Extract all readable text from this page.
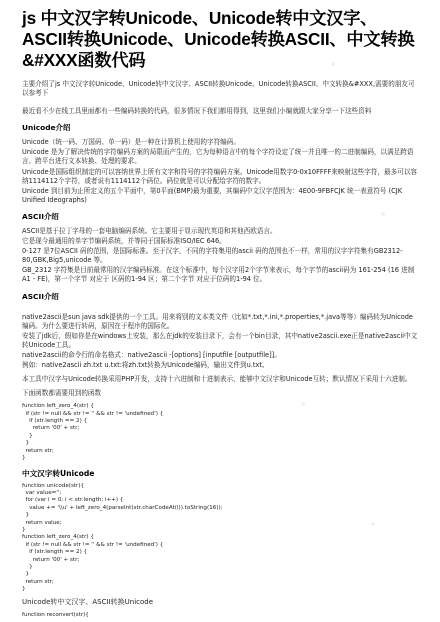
js 中文汉字转Unicode、Unicode转中文汉字、ASCII转换Unicode、Unicode转换ASCII、中文转换&#XXX函数代码

主要介绍了js 中文汉字转Unicode、Unicode转中文汉字、ASCII转换Unicode、Unicode转换ASCII、中文转换&#XXX,需要的朋友可以参考下

最近看不少在线工具里面都有一些编码转换的代码，很多情况下我们都用得到，这里我们小编就跟大家分享一下这些资料

Unicode介绍

Unicode（统一码、万国码、单一码）是一种在计算机上使用的字符编码。

Unicode 是为了解决传统的字符编码方案的局限而产生的，它为每种语言中的每个字符设定了统一并且唯一的二进制编码，以满足跨语言、跨平台进行文本转换、处理的要求。

Unicode是国际组织制定的可以容纳世界上所有文字和符号的字符编码方案。Unicode用数字0-0x10FFFF来映射这些字符，最多可以容纳1114112个字符，或者说有1114112个码位。码位就是可以分配给字符的数字。

Unicode 到目前为止所定义的五个平面中，第0平面(BMP)最为重要，其编码中文汉字范围为：4E00-9FBFCJK 统一表意符号 (CJK Unified Ideographs)

ASCII介绍

ASCII是基于拉丁字母的一套电脑编码系统。它主要用于显示现代英语和其他西欧语言。

它是现今最通用的单字节编码系统，并等同于国际标准ISO/IEC 646。

0-127 是7位ASCII 码的范围，是国际标准。至于汉字，不同的字符集用的ascii 码的范围也不一样，常用的汉字字符集有GB2312-80,GBK,Big5,unicode 等。

GB_2312 字符集是目前最常用的汉字编码标准。在这个标准中，每个汉字用2个字节来表示，每个字节的ascii码为 161-254 (16 进制A1 - FE)，第一个字节 对应于 区码的1-94 区；第二个字节 对应于位码的1-94 位。

ASCII介绍

native2ascii是sun java sdk提供的一个工具。用来将别的文本类文件（比如*.txt,*.ini,*.properties,*.java等等）编码转为Unicode编码。为什么要进行转码，原因在于程序的国际化。

安装了jdk后，假如你是在windows上安装，那么在jdk的安装目录下，会有一个bin目录，其中native2ascii.exe正是native2ascii中文转Unicode工具。

native2ascii的命令行的命名格式：native2ascii -[options] [inputfile [outputfile]]。

例如：native2ascii zh.txt u.txt:将zh.txt转换为Unicode编码，输出文件到u.txt。

本工具中汉字与Unicode转换采用PHP开发，支持十六进制和十进制表示，能够中文汉字和Unicode互转；默认情况下采用十六进制。

下面函数都需要用到的函数

function left_zero_4(str) {
if (str != null && str != '' && str != 'undefined') {
if (str.length == 2) {
return '00' + str;
}
}
return str;
}
中文汉字转Unicode
function unicode(str){
var value='';
for (var i = 0; i < str.length; i++) {
value += '\\u' + left_zero_4(parseInt(str.charCodeAt(i)).toString(16));
}
return value;
}
function left_zero_4(str) {
if (str != null && str != '' && str != 'undefined') {
if (str.length == 2) {
return '00' + str;
}
}
return str;
}

Unicode转中文汉字、ASCII转换Unicode

function reconvert(str){
✦
✦
✦
✦
